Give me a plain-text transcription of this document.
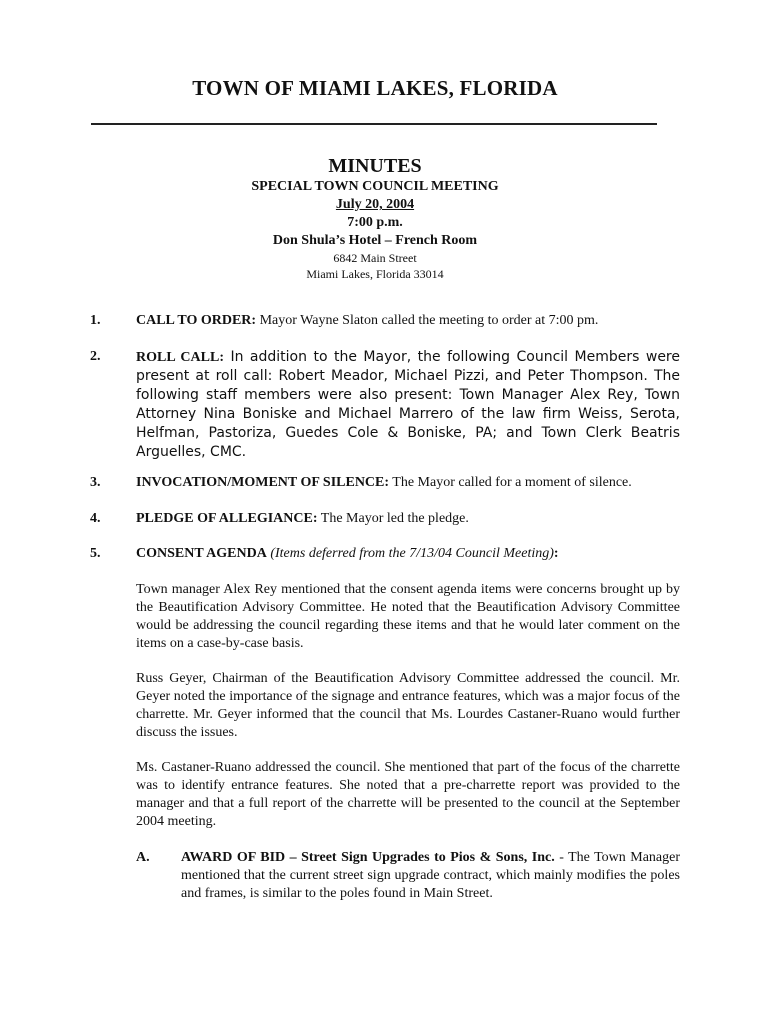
TOWN OF MIAMI LAKES, FLORIDA
MINUTES
SPECIAL TOWN COUNCIL MEETING
July 20, 2004
7:00 p.m.
Don Shula’s Hotel – French Room
6842 Main Street
Miami Lakes, Florida 33014
1.	CALL TO ORDER: Mayor Wayne Slaton called the meeting to order at 7:00 pm.
2.	ROLL CALL: In addition to the Mayor, the following Council Members were present at roll call: Robert Meador, Michael Pizzi, and Peter Thompson. The following staff members were also present: Town Manager Alex Rey, Town Attorney Nina Boniske and Michael Marrero of the law firm Weiss, Serota, Helfman, Pastoriza, Guedes Cole & Boniske, PA; and Town Clerk Beatris Arguelles, CMC.
3.	INVOCATION/MOMENT OF SILENCE: The Mayor called for a moment of silence.
4.	PLEDGE OF ALLEGIANCE: The Mayor led the pledge.
5.	CONSENT AGENDA (Items deferred from the 7/13/04 Council Meeting):
Town manager Alex Rey mentioned that the consent agenda items were concerns brought up by the Beautification Advisory Committee. He noted that the Beautification Advisory Committee would be addressing the council regarding these items and that he would later comment on the items on a case-by-case basis.
Russ Geyer, Chairman of the Beautification Advisory Committee addressed the council. Mr. Geyer noted the importance of the signage and entrance features, which was a major focus of the charrette. Mr. Geyer informed that the council that Ms. Lourdes Castaner-Ruano would further discuss the issues.
Ms. Castaner-Ruano addressed the council. She mentioned that part of the focus of the charrette was to identify entrance features. She noted that a pre-charrette report was provided to the manager and that a full report of the charrette will be presented to the council at the September 2004 meeting.
A. AWARD OF BID – Street Sign Upgrades to Pios & Sons, Inc. - The Town Manager mentioned that the current street sign upgrade contract, which mainly modifies the poles and frames, is similar to the poles found in Main Street.
